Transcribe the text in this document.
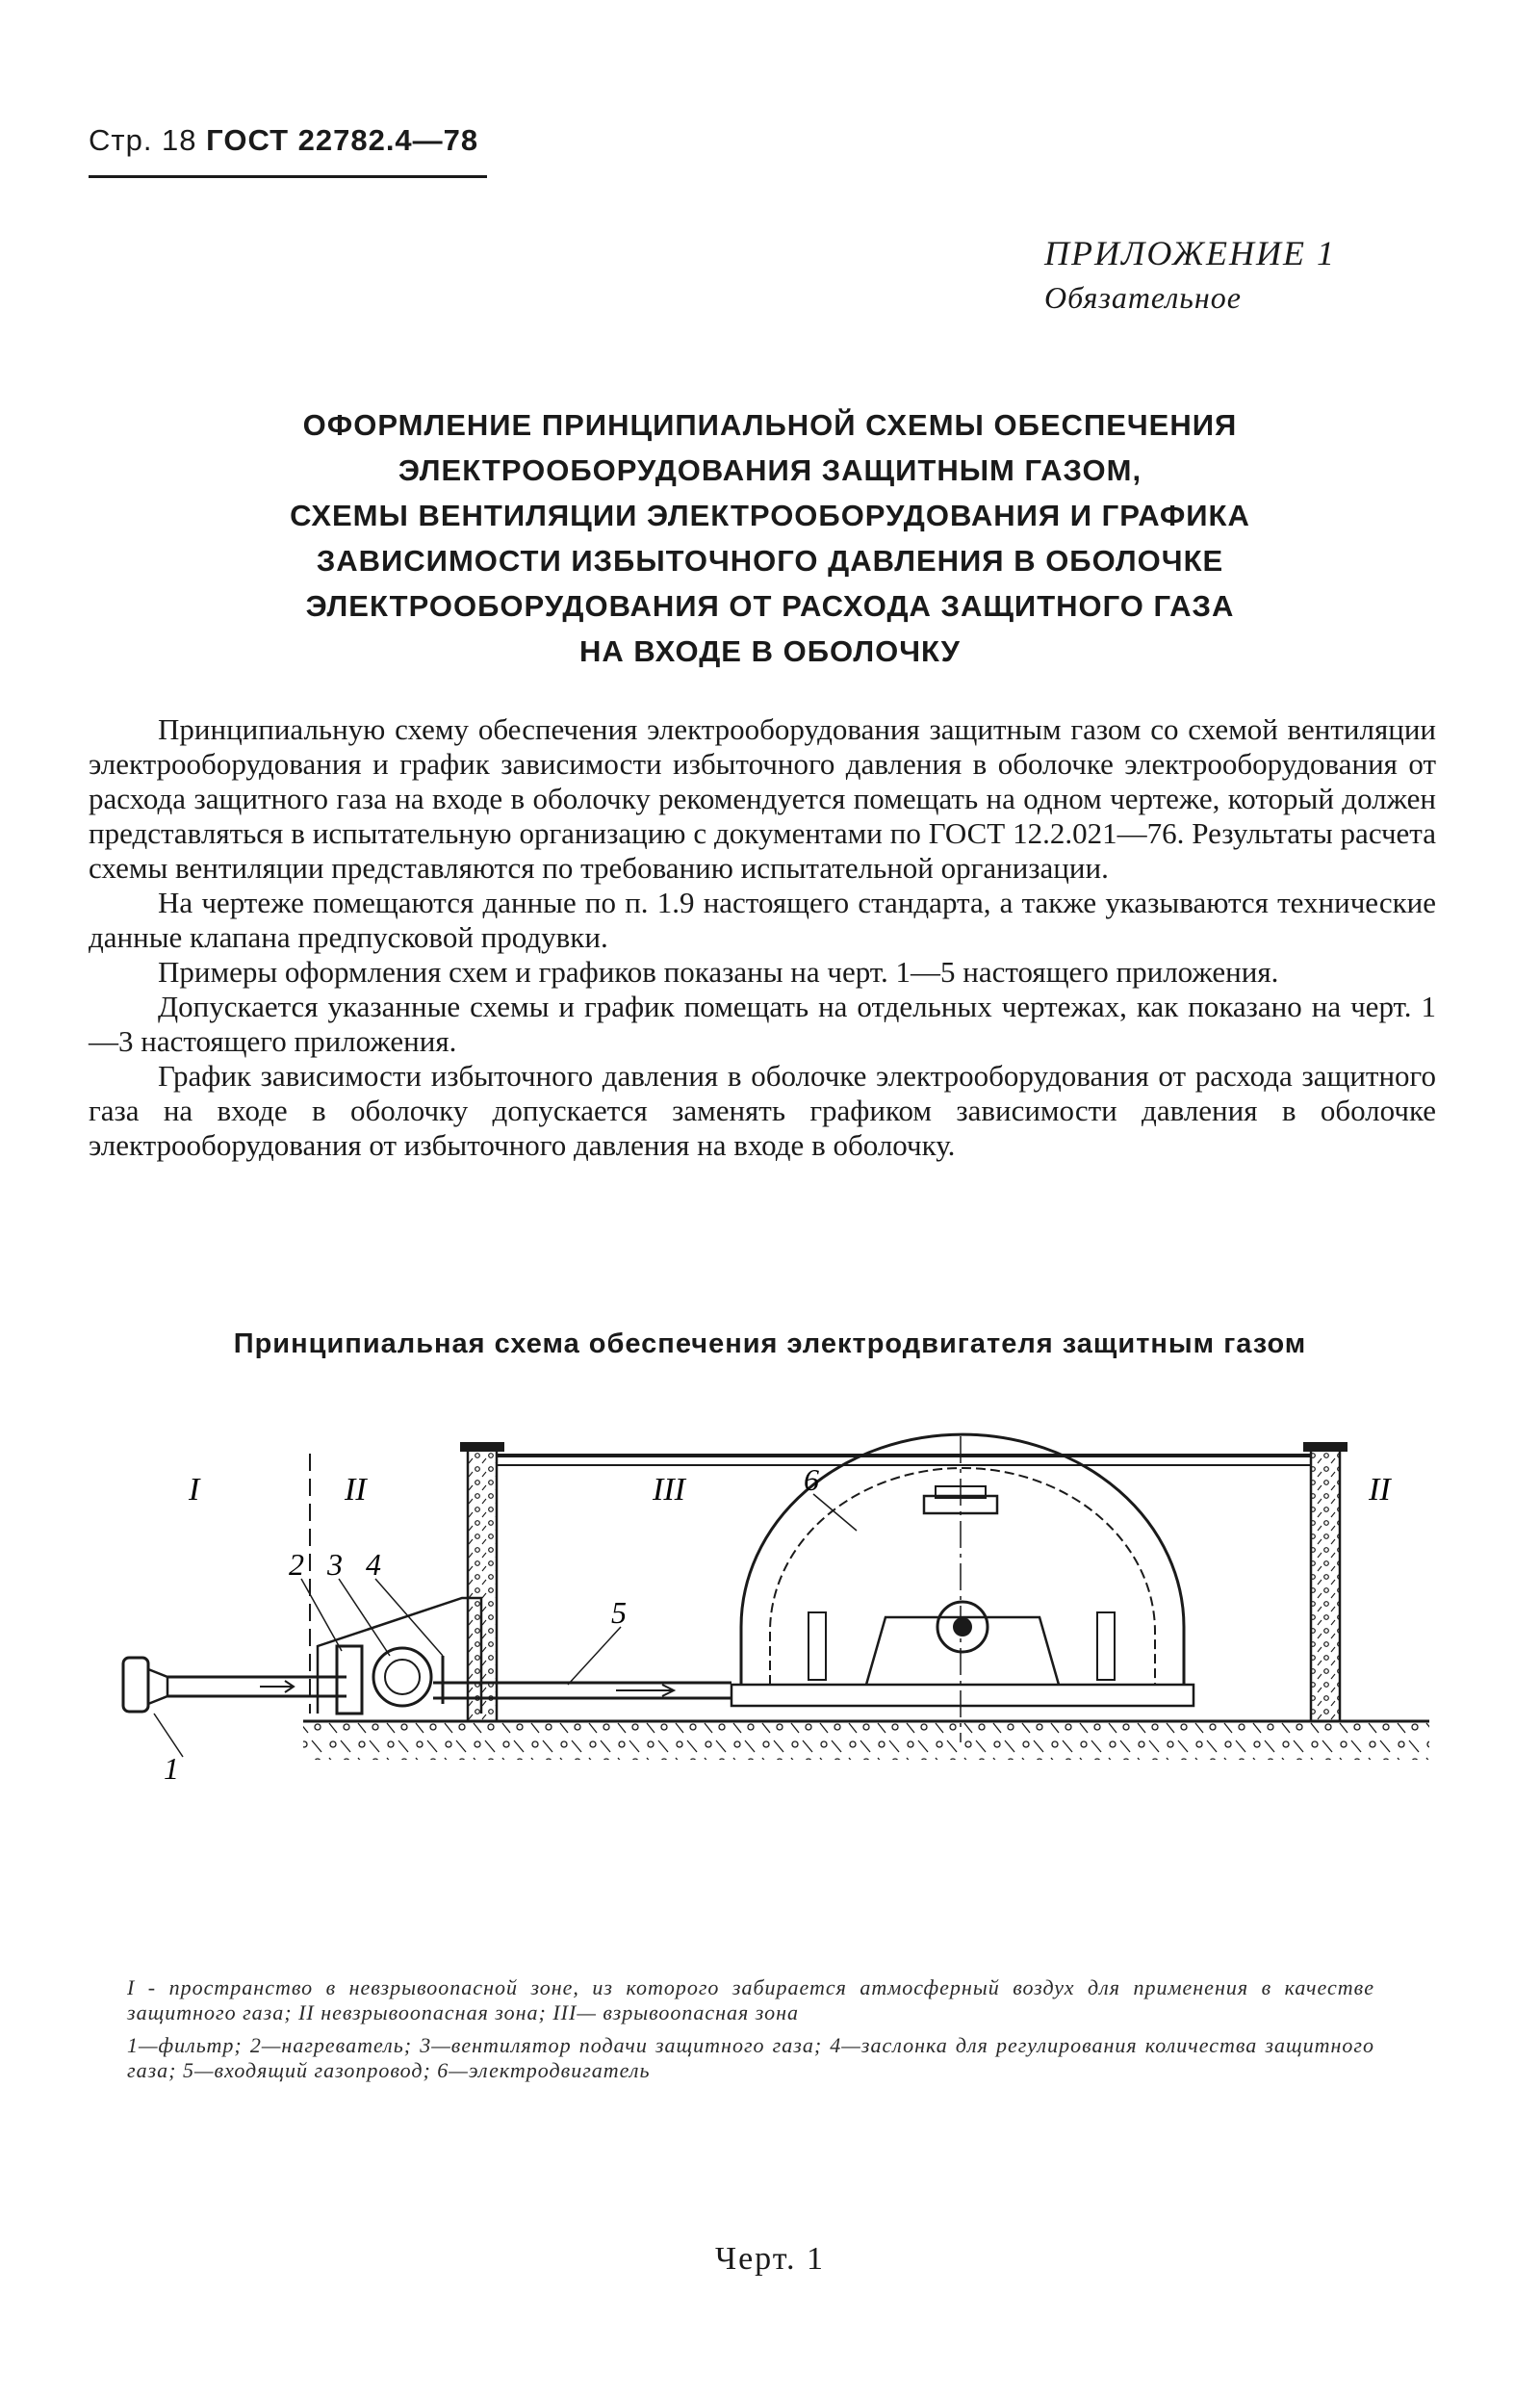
Стр. 18 ГОСТ 22782.4—78
ПРИЛОЖЕНИЕ 1
Обязательное
ОФОРМЛЕНИЕ ПРИНЦИПИАЛЬНОЙ СХЕМЫ ОБЕСПЕЧЕНИЯ
ЭЛЕКТРООБОРУДОВАНИЯ ЗАЩИТНЫМ ГАЗОМ,
СХЕМЫ ВЕНТИЛЯЦИИ ЭЛЕКТРООБОРУДОВАНИЯ И ГРАФИКА
ЗАВИСИМОСТИ ИЗБЫТОЧНОГО ДАВЛЕНИЯ В ОБОЛОЧКЕ
ЭЛЕКТРООБОРУДОВАНИЯ ОТ РАСХОДА ЗАЩИТНОГО ГАЗА
НА ВХОДЕ В ОБОЛОЧКУ

Принципиальную схему обеспечения электрооборудования защитным газом со схемой вентиляции электрооборудования и график зависимости избыточного давления в оболочке электрооборудования от расхода защитного газа на входе в оболочку рекомендуется помещать на одном чертеже, который должен представляться в испытательную организацию с документами по ГОСТ 12.2.021—76. Результаты расчета схемы вентиляции представляются по требованию испытательной организации.

На чертеже помещаются данные по п. 1.9 настоящего стандарта, а также указываются технические данные клапана предпусковой продувки.

Примеры оформления схем и графиков показаны на черт. 1—5 настоящего приложения.

Допускается указанные схемы и график помещать на отдельных чертежах, как показано на черт. 1—3 настоящего приложения.

График зависимости избыточного давления в оболочке электрооборудования от расхода защитного газа на входе в оболочку допускается заменять графиком зависимости давления в оболочке электрооборудования от избыточного давления на входе в оболочку.

Принципиальная схема обеспечения электродвигателя защитным газом
I	II	III	II
1
2 3 4
5
6

I - пространство в невзрывоопасной зоне, из которого забирается атмосферный воздух для применения в качестве защитного газа; II невзрывоопасная зона; III— взрывоопасная зона

1—фильтр; 2—нагреватель; 3—вентилятор подачи защитного газа; 4—заслонка для регулирования количества защитного газа; 5—входящий газопровод; 6—электродвигатель

Черт. 1
